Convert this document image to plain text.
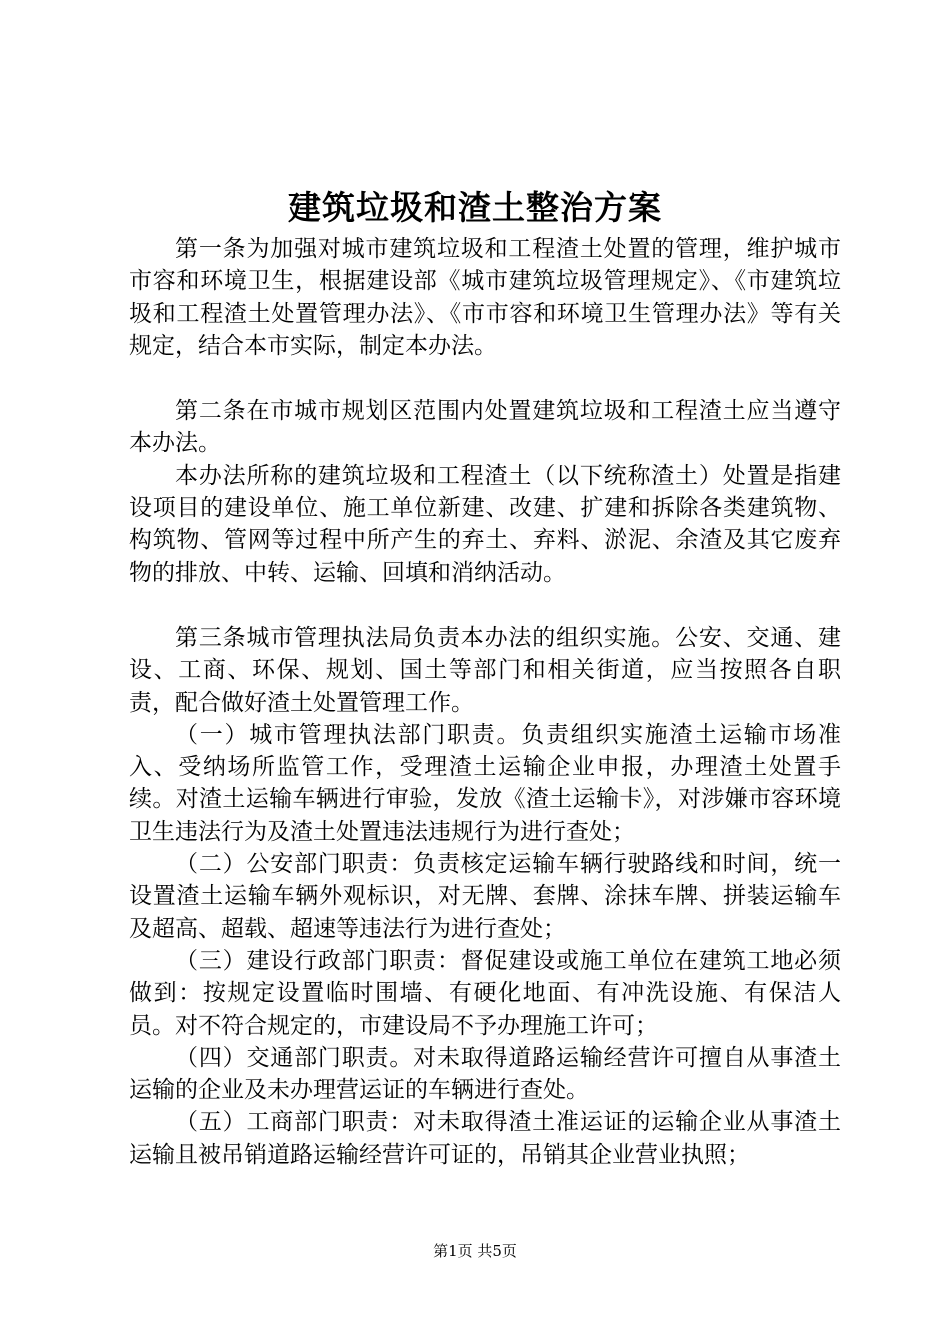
建筑垃圾和渣土整治方案

第一条为加强对城市建筑垃圾和工程渣土处置的管理，维护城市市容和环境卫生，根据建设部《城市建筑垃圾管理规定》、《市建筑垃圾和工程渣土处置管理办法》、《市市容和环境卫生管理办法》等有关规定，结合本市实际，制定本办法。

第二条在市城市规划区范围内处置建筑垃圾和工程渣土应当遵守本办法。

本办法所称的建筑垃圾和工程渣土（以下统称渣土）处置是指建设项目的建设单位、施工单位新建、改建、扩建和拆除各类建筑物、构筑物、管网等过程中所产生的弃土、弃料、淤泥、余渣及其它废弃物的排放、中转、运输、回填和消纳活动。

第三条城市管理执法局负责本办法的组织实施。公安、交通、建设、工商、环保、规划、国土等部门和相关街道，应当按照各自职责，配合做好渣土处置管理工作。

（一）城市管理执法部门职责。负责组织实施渣土运输市场准入、受纳场所监管工作，受理渣土运输企业申报，办理渣土处置手续。对渣土运输车辆进行审验，发放《渣土运输卡》，对涉嫌市容环境卫生违法行为及渣土处置违法违规行为进行查处；

（二）公安部门职责：负责核定运输车辆行驶路线和时间，统一设置渣土运输车辆外观标识，对无牌、套牌、涂抹车牌、拼装运输车及超高、超载、超速等违法行为进行查处；

（三）建设行政部门职责：督促建设或施工单位在建筑工地必须做到：按规定设置临时围墙、有硬化地面、有冲洗设施、有保洁人员。对不符合规定的，市建设局不予办理施工许可；

（四）交通部门职责。对未取得道路运输经营许可擅自从事渣土运输的企业及未办理营运证的车辆进行查处。

（五）工商部门职责：对未取得渣土准运证的运输企业从事渣土运输且被吊销道路运输经营许可证的，吊销其企业营业执照；

第1页 共5页
